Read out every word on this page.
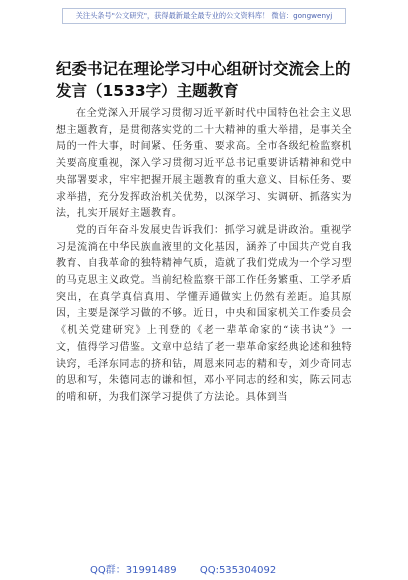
关注头条号"公文研究"，获得最新最全最专业的公文资料库！ 微信：gongwenyj
纪委书记在理论学习中心组研讨交流会上的发言（1533字）主题教育

在全党深入开展学习贯彻习近平新时代中国特色社会主义思想主题教育，是贯彻落实党的二十大精神的重大举措，是事关全局的一件大事，时间紧、任务重、要求高。全市各级纪检监察机关要高度重视，深入学习贯彻习近平总书记重要讲话精神和党中央部署要求，牢牢把握开展主题教育的重大意义、目标任务、要求举措，充分发挥政治机关优势，以深学习、实调研、抓落实为法，扎实开展好主题教育。

党的百年奋斗发展史告诉我们：抓学习就是讲政治。重视学习是流淌在中华民族血液里的文化基因，涵养了中国共产党自我教育、自我革命的独特精神气质，造就了我们党成为一个学习型的马克思主义政党。当前纪检监察干部工作任务繁重、工学矛盾突出，在真学真信真用、学懂弄通做实上仍然有差距。追其原因，主要是深学习做的不够。近日，中央和国家机关工作委员会《机关党建研究》上刊登的《老一辈革命家的“读书诀”》一文，值得学习借鉴。文章中总结了老一辈革命家经典论述和独特诀窍，毛泽东同志的挤和钻，周恩来同志的精和专，刘少奇同志的思和写，朱德同志的谦和恒，邓小平同志的经和实，陈云同志的啃和研，为我们深学习提供了方法论。具体到当

QQ群：31991489 QQ:535304092
